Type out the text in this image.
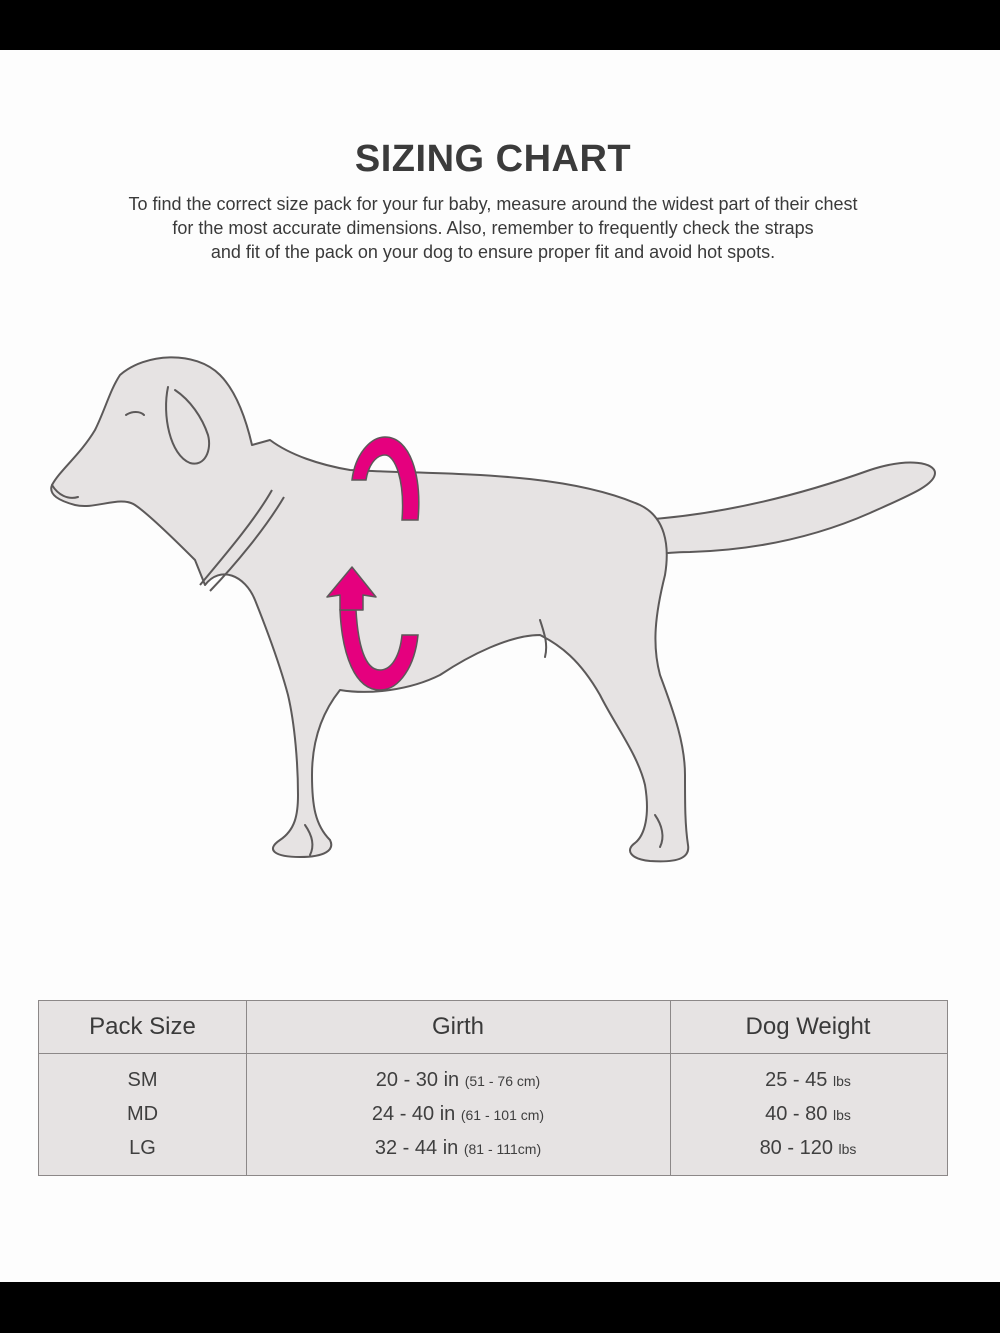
SIZING CHART
To find the correct size pack for your fur baby, measure around the widest part of their chest
for the most accurate dimensions. Also, remember to frequently check the straps
and fit of the pack on your dog to ensure proper fit and avoid hot spots.
Pack Size	Girth	Dog Weight
SM	20 - 30 in (51 - 76 cm)	25 - 45 lbs
MD	24 - 40 in (61 - 101 cm)	40 - 80 lbs
LG	32 - 44 in (81 - 111cm)	80 - 120 lbs
